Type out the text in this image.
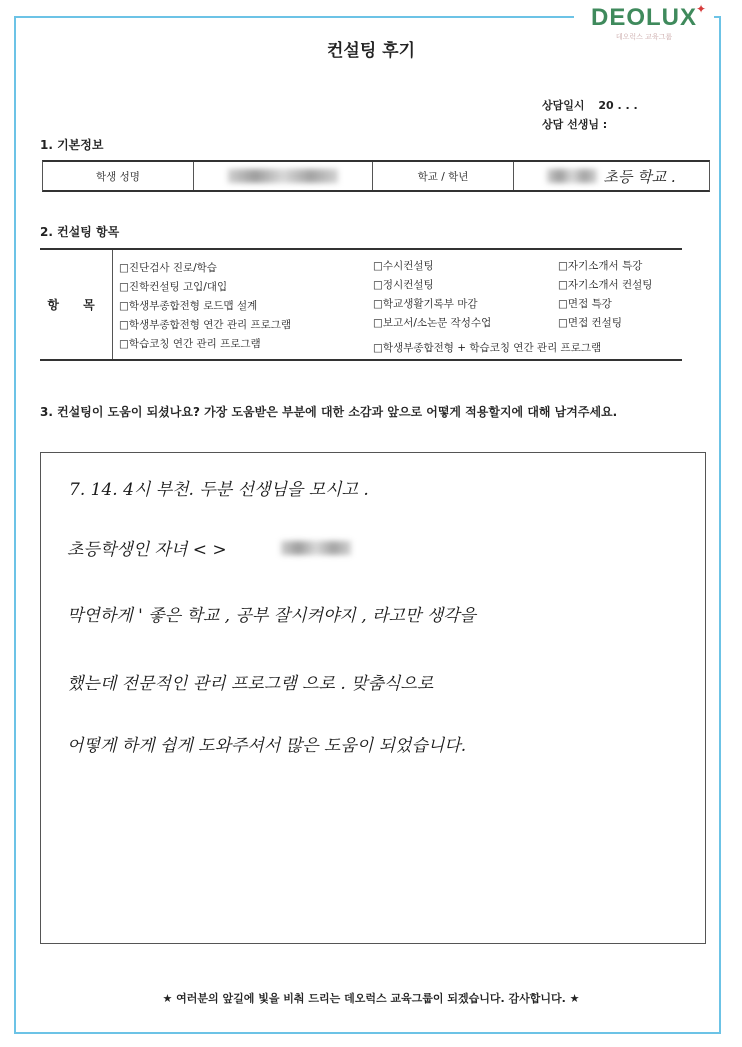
DEOLUX
데오럭스 교육그룹
✦
컨설팅 후기
상담일시 20 . . .
상담 선생님 :
1. 기본정보
학생 성명	학교 / 학년	초등 학교 .
2. 컨설팅 항목
항 목
□진단검사 진로/학습
□진학컨설팅 고입/대입
□학생부종합전형 로드맵 설계
□학생부종합전형 연간 관리 프로그램
□학습코칭 연간 관리 프로그램
□수시컨설팅
□정시컨설팅
□학교생활기록부 마감
□보고서/소논문 작성수업
□학생부종합전형 + 학습코칭 연간 관리 프로그램
□자기소개서 특강
□자기소개서 컨설팅
□면접 특강
□면접 컨설팅
3. 컨설팅이 도움이 되셨나요? 가장 도움받은 부분에 대한 소감과 앞으로 어떻게 적용할지에 대해 남겨주세요.
7. 14. 4시 부천. 두분 선생님을 모시고 .
초등학생인 자녀 < >
막연하게 ' 좋은 학교 , 공부 잘시켜야지 , 라고만 생각을
했는데 전문적인 관리 프로그램 으로 . 맞춤식으로
어떻게 하게 쉽게 도와주셔서 많은 도움이 되었습니다.
★ 여러분의 앞길에 빛을 비춰 드리는 데오럭스 교육그룹이 되겠습니다. 감사합니다. ★
